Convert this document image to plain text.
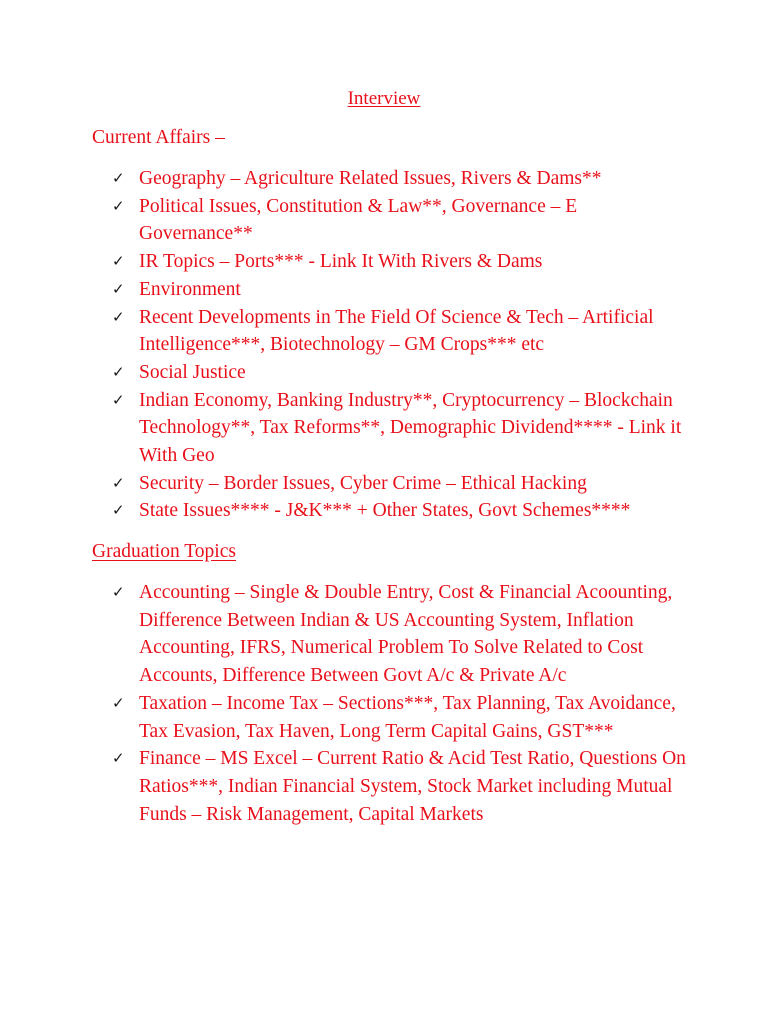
Interview
Current Affairs –
✓ Geography – Agriculture Related Issues, Rivers & Dams**
✓ Political Issues, Constitution & Law**, Governance – E Governance**
✓ IR Topics – Ports*** - Link It With Rivers & Dams
✓ Environment
✓ Recent Developments in The Field Of Science & Tech – Artificial Intelligence***, Biotechnology – GM Crops*** etc
✓ Social Justice
✓ Indian Economy, Banking Industry**, Cryptocurrency – Blockchain Technology**, Tax Reforms**, Demographic Dividend**** - Link it With Geo
✓ Security – Border Issues, Cyber Crime – Ethical Hacking
✓ State Issues**** - J&K*** + Other States, Govt Schemes****
Graduation Topics
✓ Accounting – Single & Double Entry, Cost & Financial Acoounting, Difference Between Indian & US Accounting System, Inflation Accounting, IFRS, Numerical Problem To Solve Related to Cost Accounts, Difference Between Govt A/c & Private A/c
✓ Taxation – Income Tax – Sections***, Tax Planning, Tax Avoidance, Tax Evasion, Tax Haven, Long Term Capital Gains, GST***
✓ Finance – MS Excel – Current Ratio & Acid Test Ratio, Questions On Ratios***, Indian Financial System, Stock Market including Mutual Funds – Risk Management, Capital Markets
